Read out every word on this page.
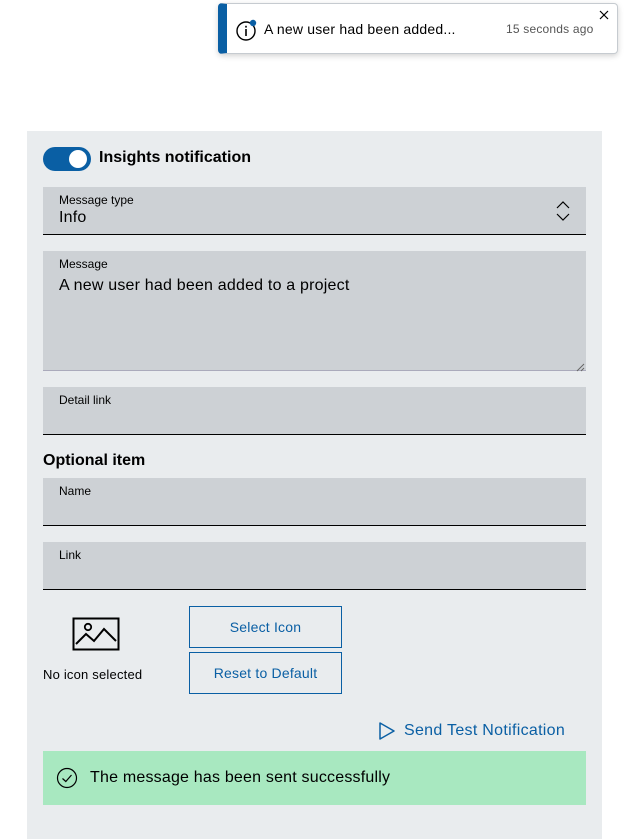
A new user had been added...	15 seconds ago
Insights notification
Message type
Info
Message
A new user had been added to a project
Detail link
Optional item
Name
Link
No icon selected
Select Icon
Reset to Default
Send Test Notification
The message has been sent successfully
